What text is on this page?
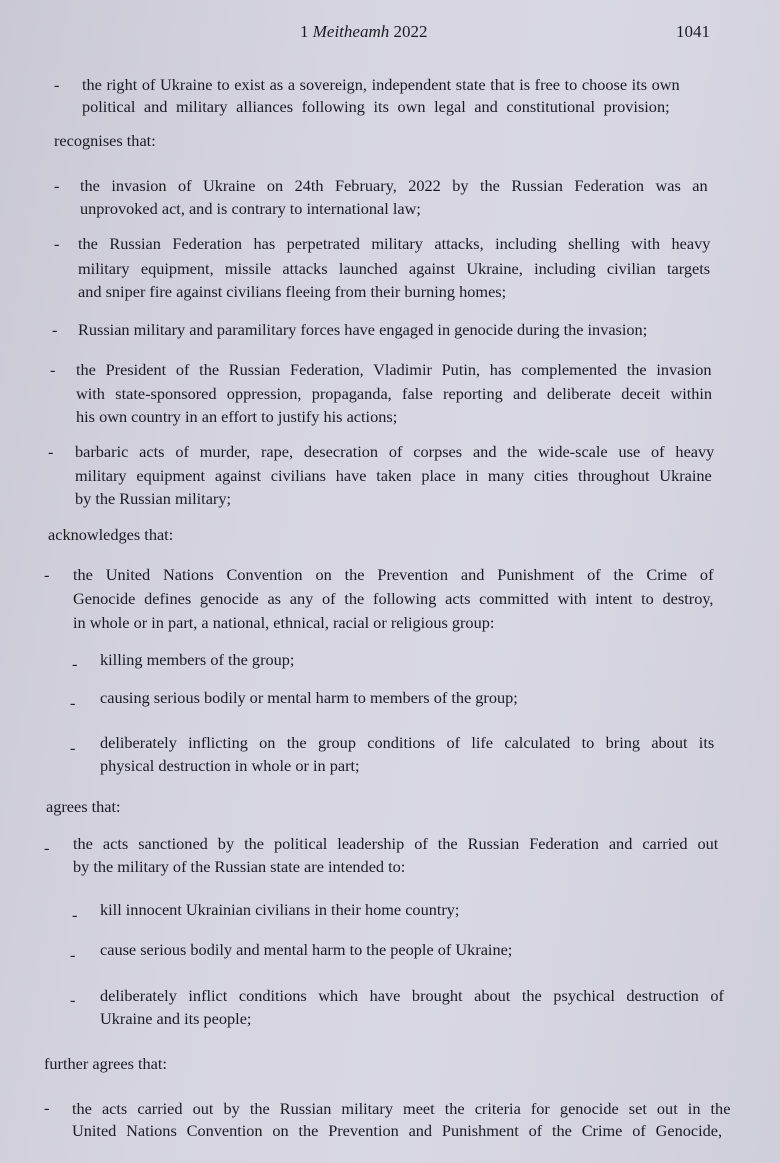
1 Meitheamh 2022	1041
- the right of Ukraine to exist as a sovereign, independent state that is free to choose its own
political and military alliances following its own legal and constitutional provision;
recognises that:
- the invasion of Ukraine on 24th February, 2022 by the Russian Federation was an
unprovoked act, and is contrary to international law;
- the Russian Federation has perpetrated military attacks, including shelling with heavy
military equipment, missile attacks launched against Ukraine, including civilian targets
and sniper fire against civilians fleeing from their burning homes;
- Russian military and paramilitary forces have engaged in genocide during the invasion;
- the President of the Russian Federation, Vladimir Putin, has complemented the invasion
with state-sponsored oppression, propaganda, false reporting and deliberate deceit within
his own country in an effort to justify his actions;
- barbaric acts of murder, rape, desecration of corpses and the wide-scale use of heavy
military equipment against civilians have taken place in many cities throughout Ukraine
by the Russian military;
acknowledges that:
- the United Nations Convention on the Prevention and Punishment of the Crime of
Genocide defines genocide as any of the following acts committed with intent to destroy,
in whole or in part, a national, ethnical, racial or religious group:
- killing members of the group;
- causing serious bodily or mental harm to members of the group;
- deliberately inflicting on the group conditions of life calculated to bring about its
physical destruction in whole or in part;
agrees that:
- the acts sanctioned by the political leadership of the Russian Federation and carried out
by the military of the Russian state are intended to:
- kill innocent Ukrainian civilians in their home country;
- cause serious bodily and mental harm to the people of Ukraine;
- deliberately inflict conditions which have brought about the psychical destruction of
Ukraine and its people;
further agrees that:
- the acts carried out by the Russian military meet the criteria for genocide set out in the
United Nations Convention on the Prevention and Punishment of the Crime of Genocide,
